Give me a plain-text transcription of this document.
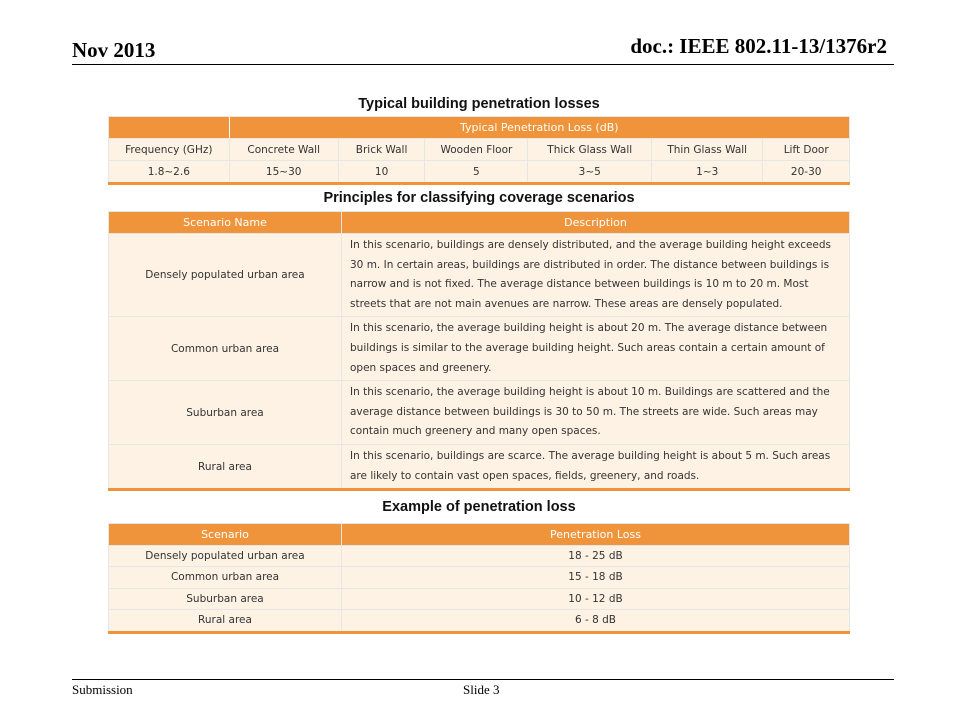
Nov 2013	doc.: IEEE 802.11-13/1376r2
Typical building penetration losses
	Typical Penetration Loss (dB)					
Frequency (GHz)	Concrete Wall	Brick Wall	Wooden Floor	Thick Glass Wall	Thin Glass Wall	Lift Door
1.8~2.6	15~30	10	5	3~5	1~3	20-30
Principles for classifying coverage scenarios
Scenario Name	Description
Densely populated urban area	In this scenario, buildings are densely distributed, and the average building height exceeds 30 m. In certain areas, buildings are distributed in order. The distance between buildings is narrow and is not fixed. The average distance between buildings is 10 m to 20 m. Most streets that are not main avenues are narrow. These areas are densely populated.
Common urban area	In this scenario, the average building height is about 20 m. The average distance between buildings is similar to the average building height. Such areas contain a certain amount of open spaces and greenery.
Suburban area	In this scenario, the average building height is about 10 m. Buildings are scattered and the average distance between buildings is 30 to 50 m. The streets are wide. Such areas may contain much greenery and many open spaces.
Rural area	In this scenario, buildings are scarce. The average building height is about 5 m. Such areas are likely to contain vast open spaces, fields, greenery, and roads.
Example of penetration loss
Scenario	Penetration Loss
Densely populated urban area	18 - 25 dB
Common urban area	15 - 18 dB
Suburban area	10 - 12 dB
Rural area	6 - 8 dB
Submission	Slide 3
